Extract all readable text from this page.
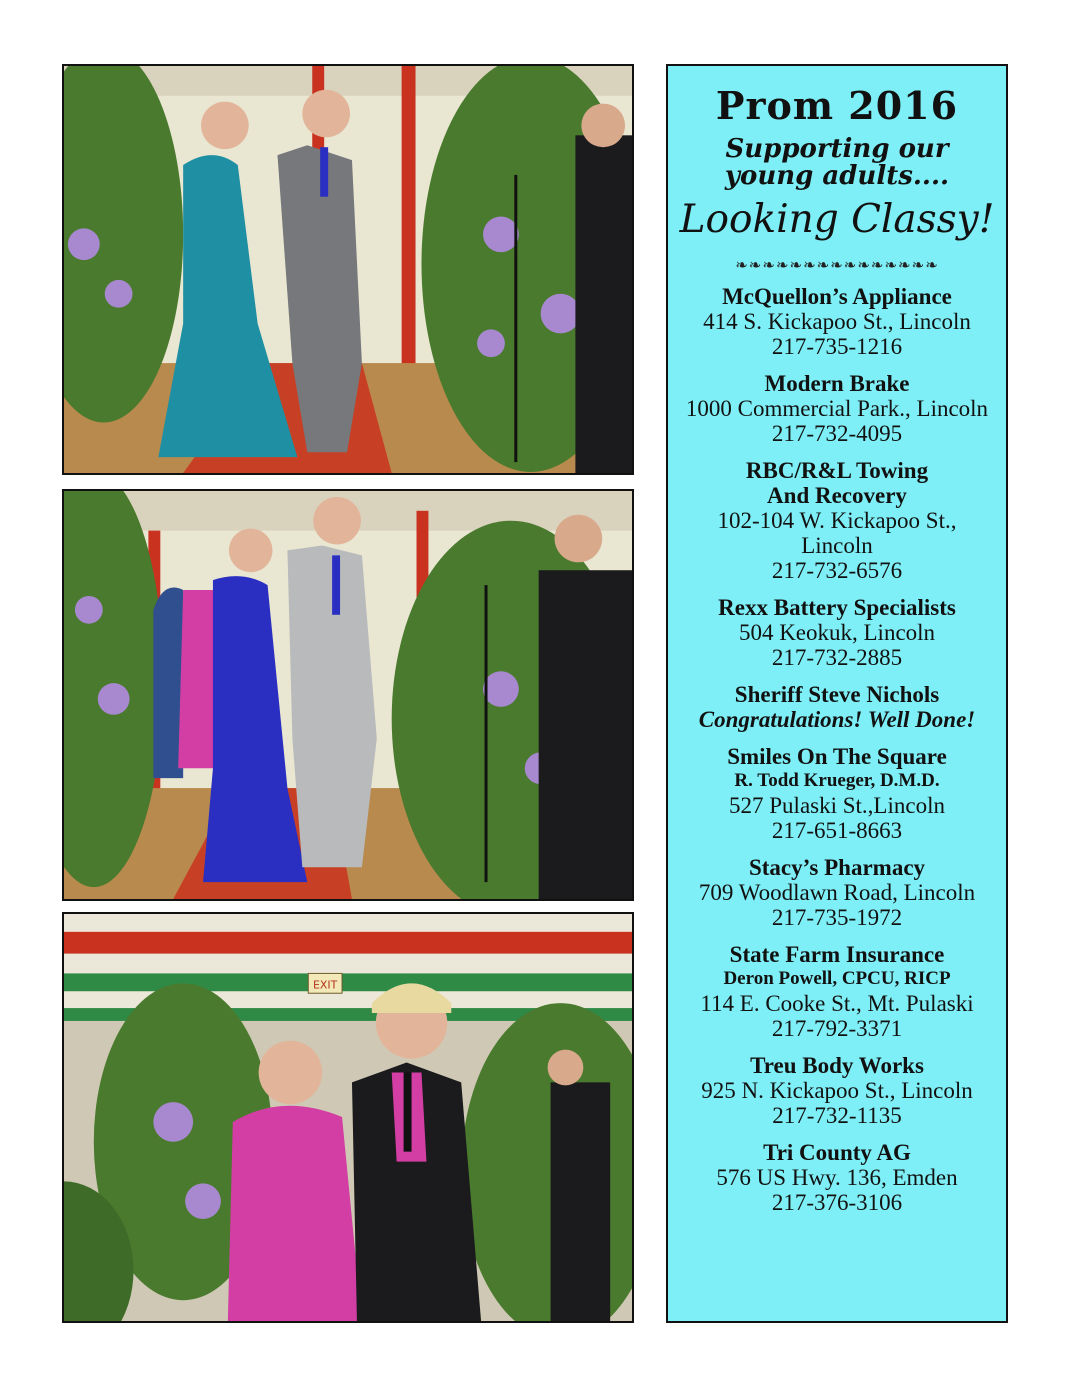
EXIT
Prom 2016
Supporting our young adults....
Looking Classy!
❧❧❧❧❧❧❧❧❧❧❧❧❧❧❧
McQuellon’s Appliance
414 S. Kickapoo St., Lincoln
217-735-1216
Modern Brake
1000 Commercial Park., Lincoln
217-732-4095
RBC/R&L Towing
And Recovery
102-104 W. Kickapoo St.,
Lincoln
217-732-6576
Rexx Battery Specialists
504 Keokuk, Lincoln
217-732-2885
Sheriff Steve Nichols
Congratulations! Well Done!
Smiles On The Square
R. Todd Krueger, D.M.D.
527 Pulaski St.,Lincoln
217-651-8663
Stacy’s Pharmacy
709 Woodlawn Road, Lincoln
217-735-1972
State Farm Insurance
Deron Powell, CPCU, RICP
114 E. Cooke St., Mt. Pulaski
217-792-3371
Treu Body Works
925 N. Kickapoo St., Lincoln
217-732-1135
Tri County AG
576 US Hwy. 136, Emden
217-376-3106
